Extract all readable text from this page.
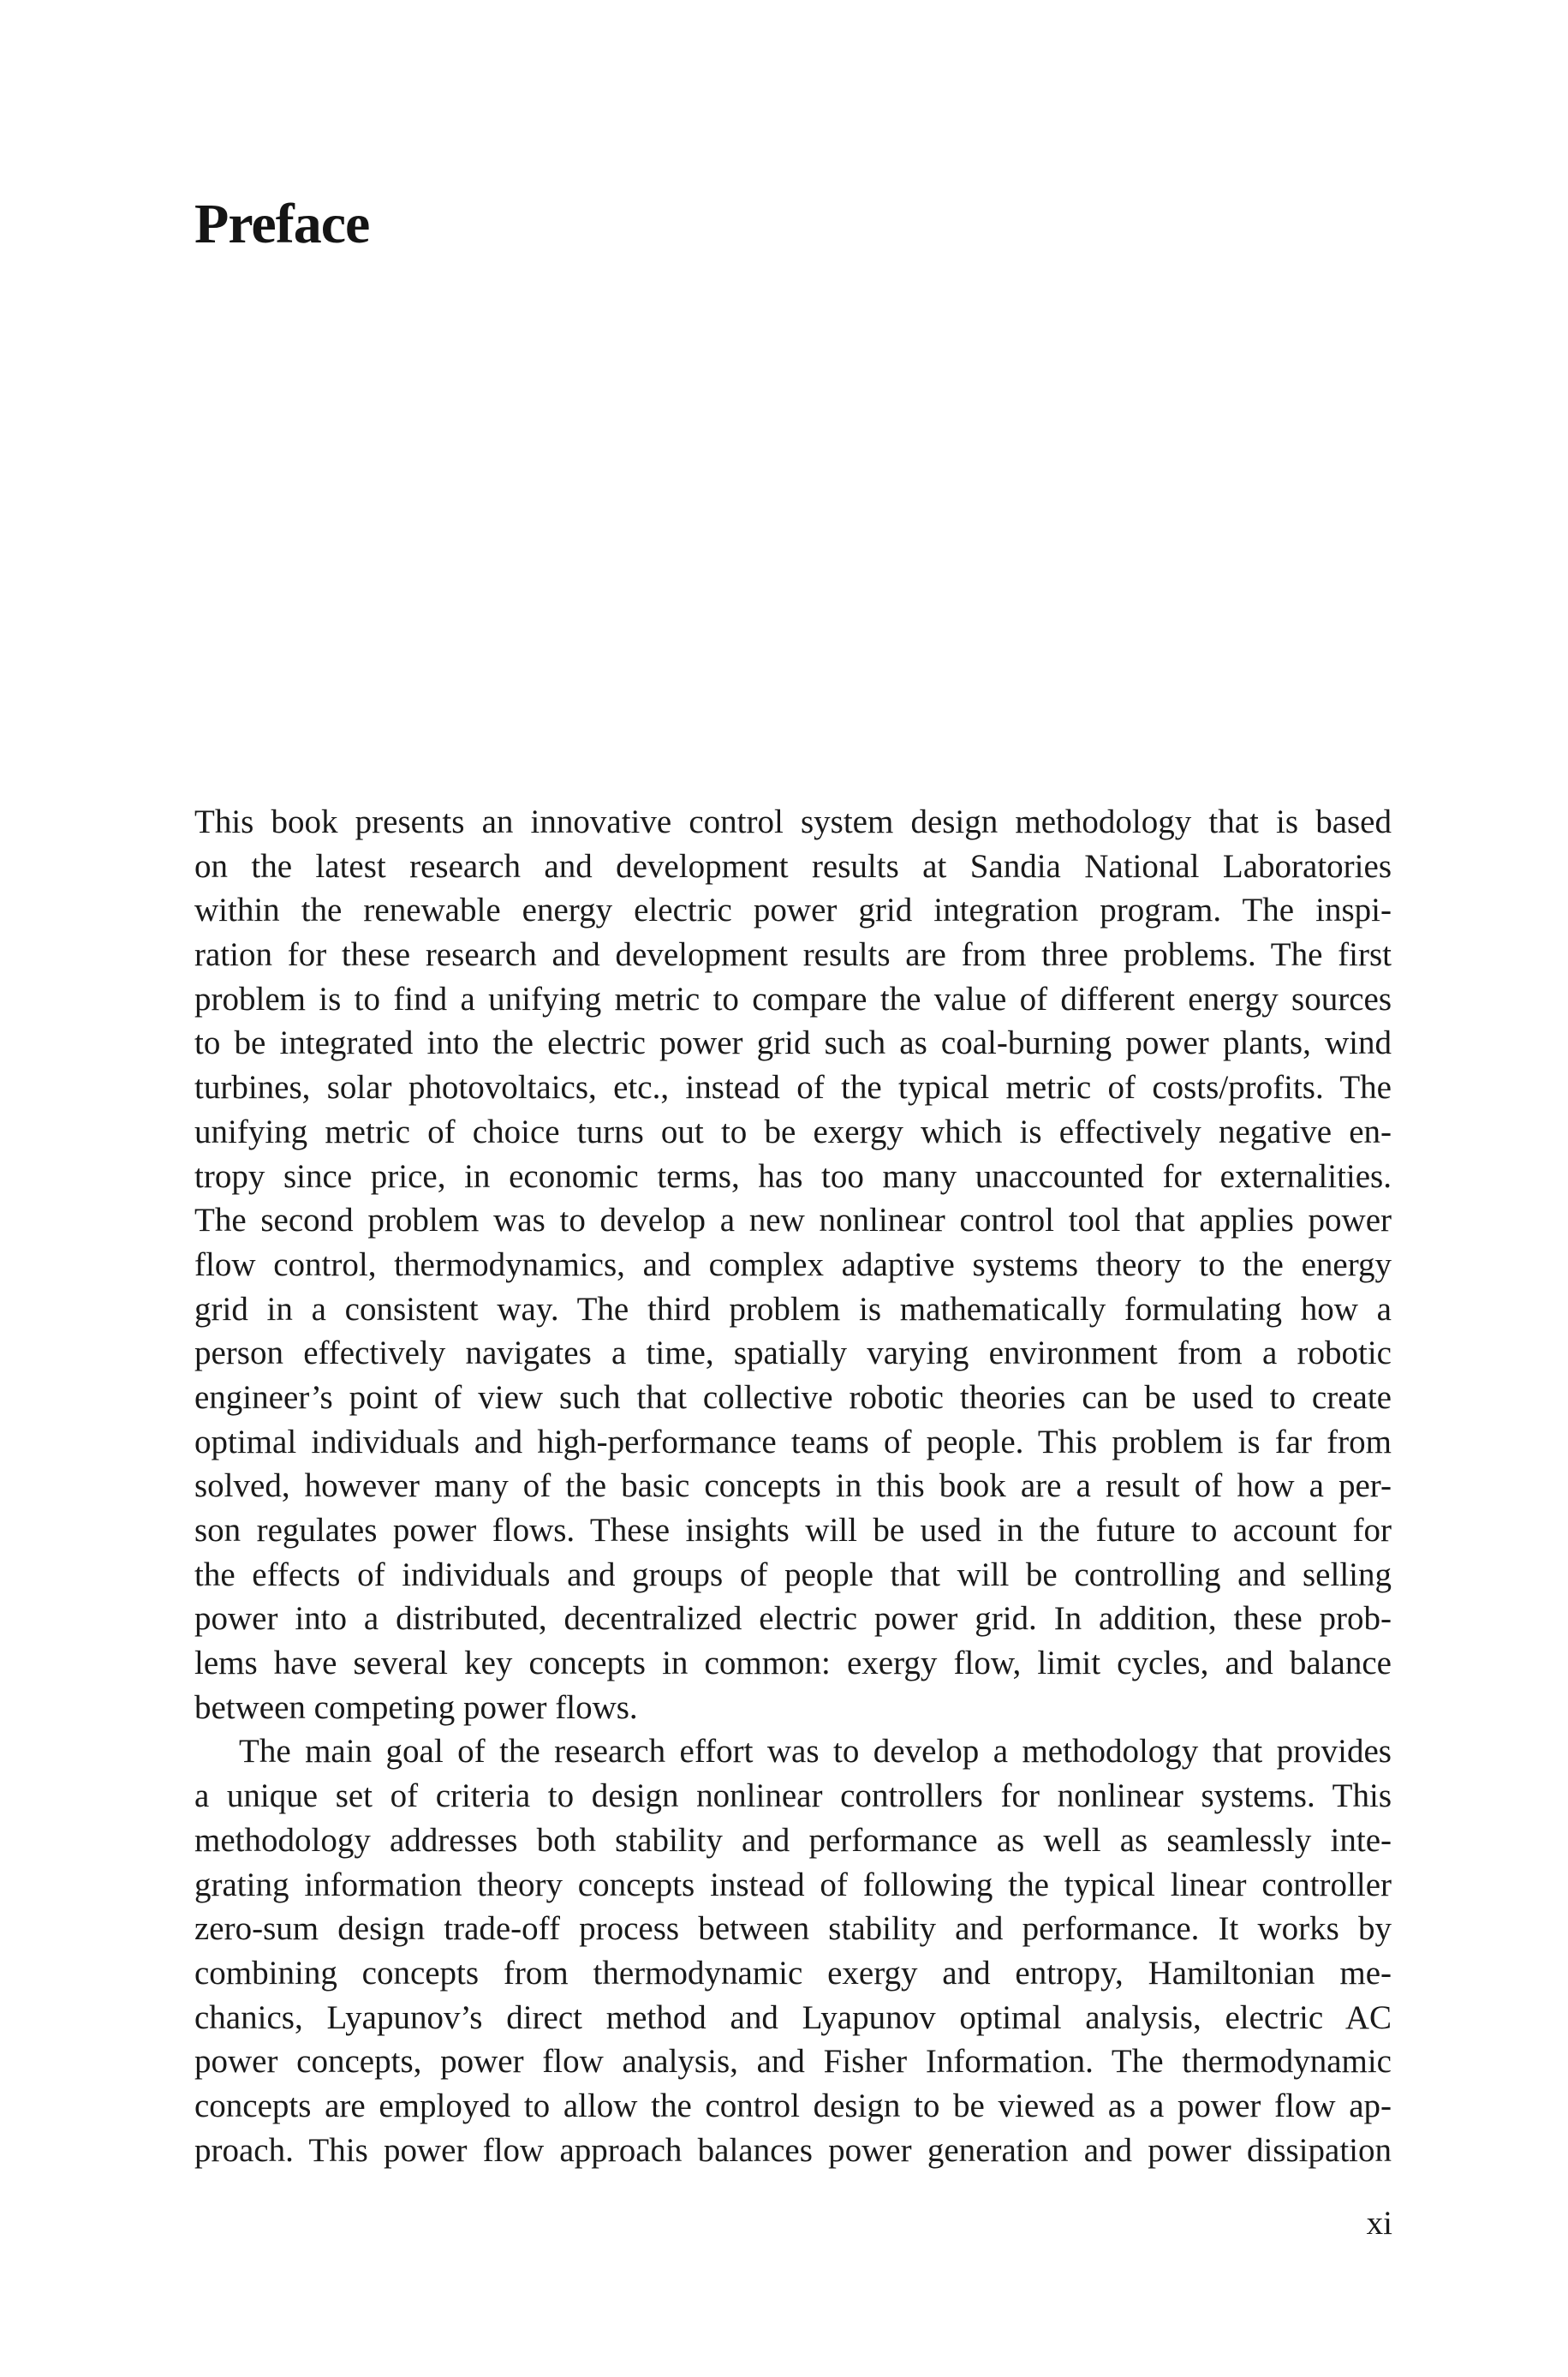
Preface
This book presents an innovative control system design methodology that is based
on the latest research and development results at Sandia National Laboratories
within the renewable energy electric power grid integration program. The inspi-
ration for these research and development results are from three problems. The first
problem is to find a unifying metric to compare the value of different energy sources
to be integrated into the electric power grid such as coal-burning power plants, wind
turbines, solar photovoltaics, etc., instead of the typical metric of costs/profits. The
unifying metric of choice turns out to be exergy which is effectively negative en-
tropy since price, in economic terms, has too many unaccounted for externalities.
The second problem was to develop a new nonlinear control tool that applies power
flow control, thermodynamics, and complex adaptive systems theory to the energy
grid in a consistent way. The third problem is mathematically formulating how a
person effectively navigates a time, spatially varying environment from a robotic
engineer’s point of view such that collective robotic theories can be used to create
optimal individuals and high-performance teams of people. This problem is far from
solved, however many of the basic concepts in this book are a result of how a per-
son regulates power flows. These insights will be used in the future to account for
the effects of individuals and groups of people that will be controlling and selling
power into a distributed, decentralized electric power grid. In addition, these prob-
lems have several key concepts in common: exergy flow, limit cycles, and balance
between competing power flows.
The main goal of the research effort was to develop a methodology that provides
a unique set of criteria to design nonlinear controllers for nonlinear systems. This
methodology addresses both stability and performance as well as seamlessly inte-
grating information theory concepts instead of following the typical linear controller
zero-sum design trade-off process between stability and performance. It works by
combining concepts from thermodynamic exergy and entropy, Hamiltonian me-
chanics, Lyapunov’s direct method and Lyapunov optimal analysis, electric AC
power concepts, power flow analysis, and Fisher Information. The thermodynamic
concepts are employed to allow the control design to be viewed as a power flow ap-
proach. This power flow approach balances power generation and power dissipation
xi
